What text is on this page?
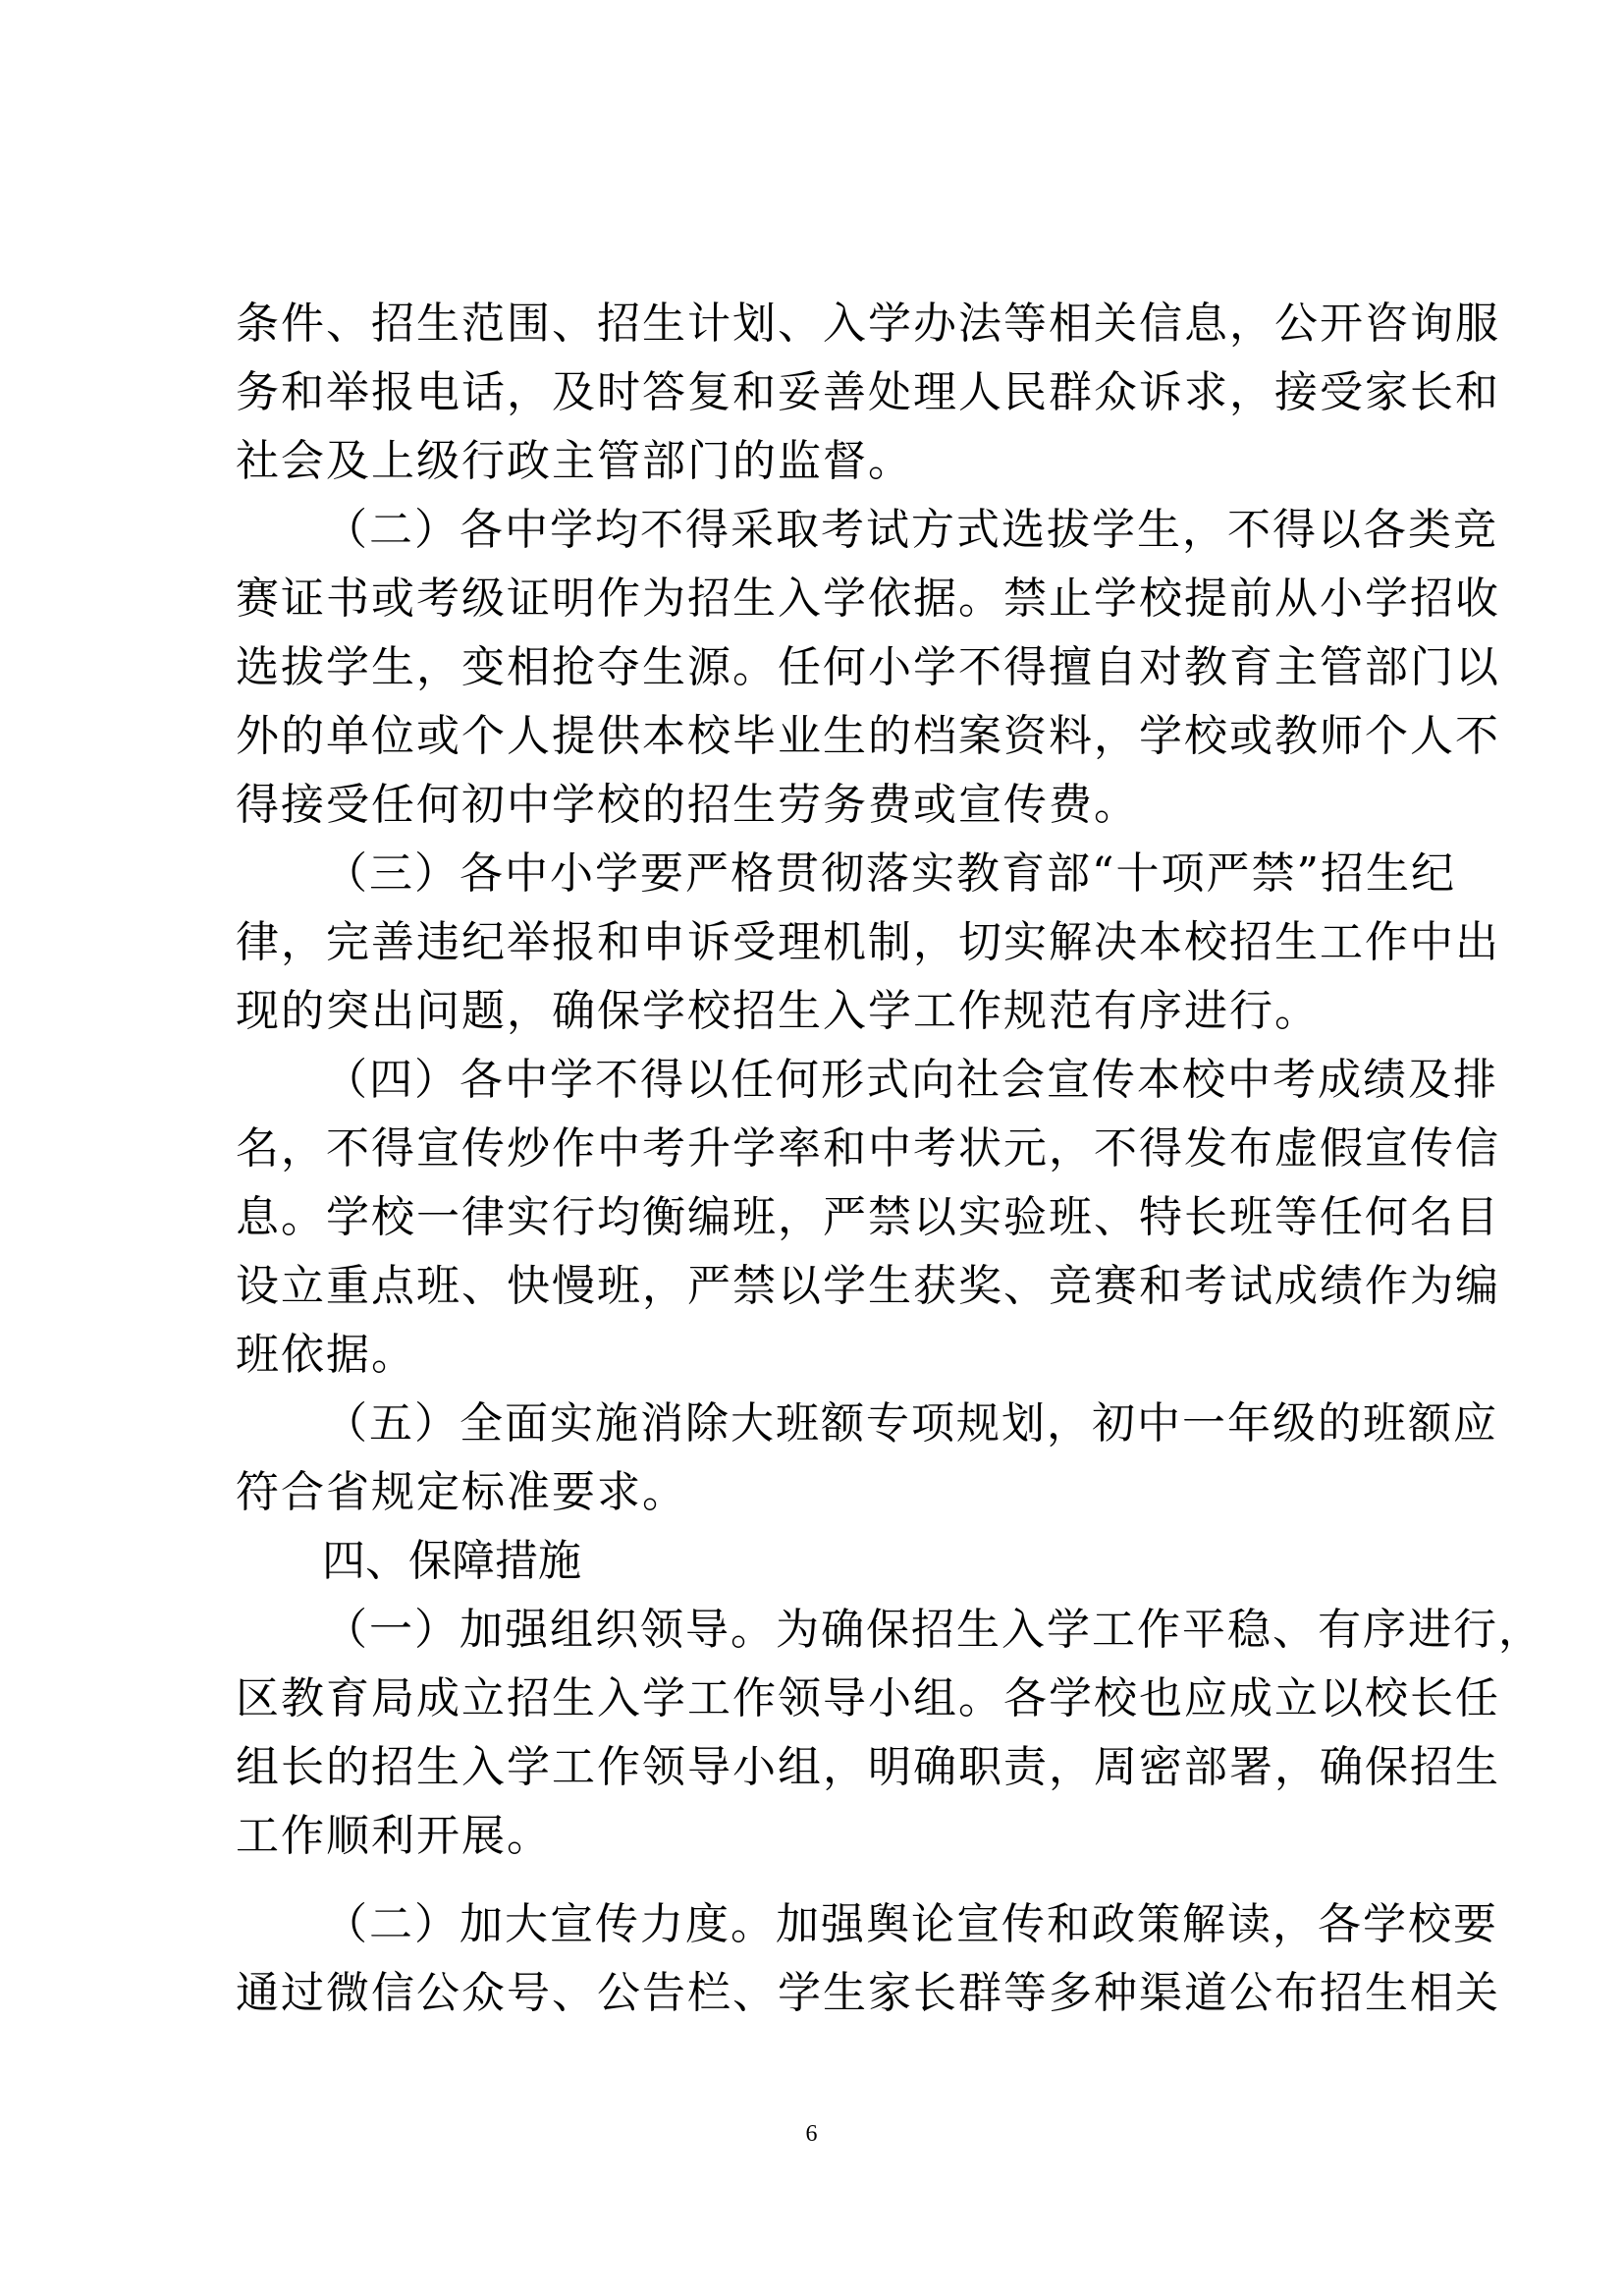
条件、招生范围、招生计划、入学办法等相关信息，公开咨询服
务和举报电话，及时答复和妥善处理人民群众诉求，接受家长和
社会及上级行政主管部门的监督。
（二）各中学均不得采取考试方式选拔学生，不得以各类竞
赛证书或考级证明作为招生入学依据。禁止学校提前从小学招收
选拔学生，变相抢夺生源。任何小学不得擅自对教育主管部门以
外的单位或个人提供本校毕业生的档案资料，学校或教师个人不
得接受任何初中学校的招生劳务费或宣传费。
（三）各中小学要严格贯彻落实教育部“十项严禁”招生纪
律，完善违纪举报和申诉受理机制，切实解决本校招生工作中出
现的突出问题，确保学校招生入学工作规范有序进行。
（四）各中学不得以任何形式向社会宣传本校中考成绩及排
名，不得宣传炒作中考升学率和中考状元，不得发布虚假宣传信
息。学校一律实行均衡编班，严禁以实验班、特长班等任何名目
设立重点班、快慢班，严禁以学生获奖、竞赛和考试成绩作为编
班依据。
（五）全面实施消除大班额专项规划，初中一年级的班额应
符合省规定标准要求。
四、保障措施
（一）加强组织领导。为确保招生入学工作平稳、有序进行，
区教育局成立招生入学工作领导小组。各学校也应成立以校长任
组长的招生入学工作领导小组，明确职责，周密部署，确保招生
工作顺利开展。
（二）加大宣传力度。加强舆论宣传和政策解读，各学校要
通过微信公众号、公告栏、学生家长群等多种渠道公布招生相关
6
